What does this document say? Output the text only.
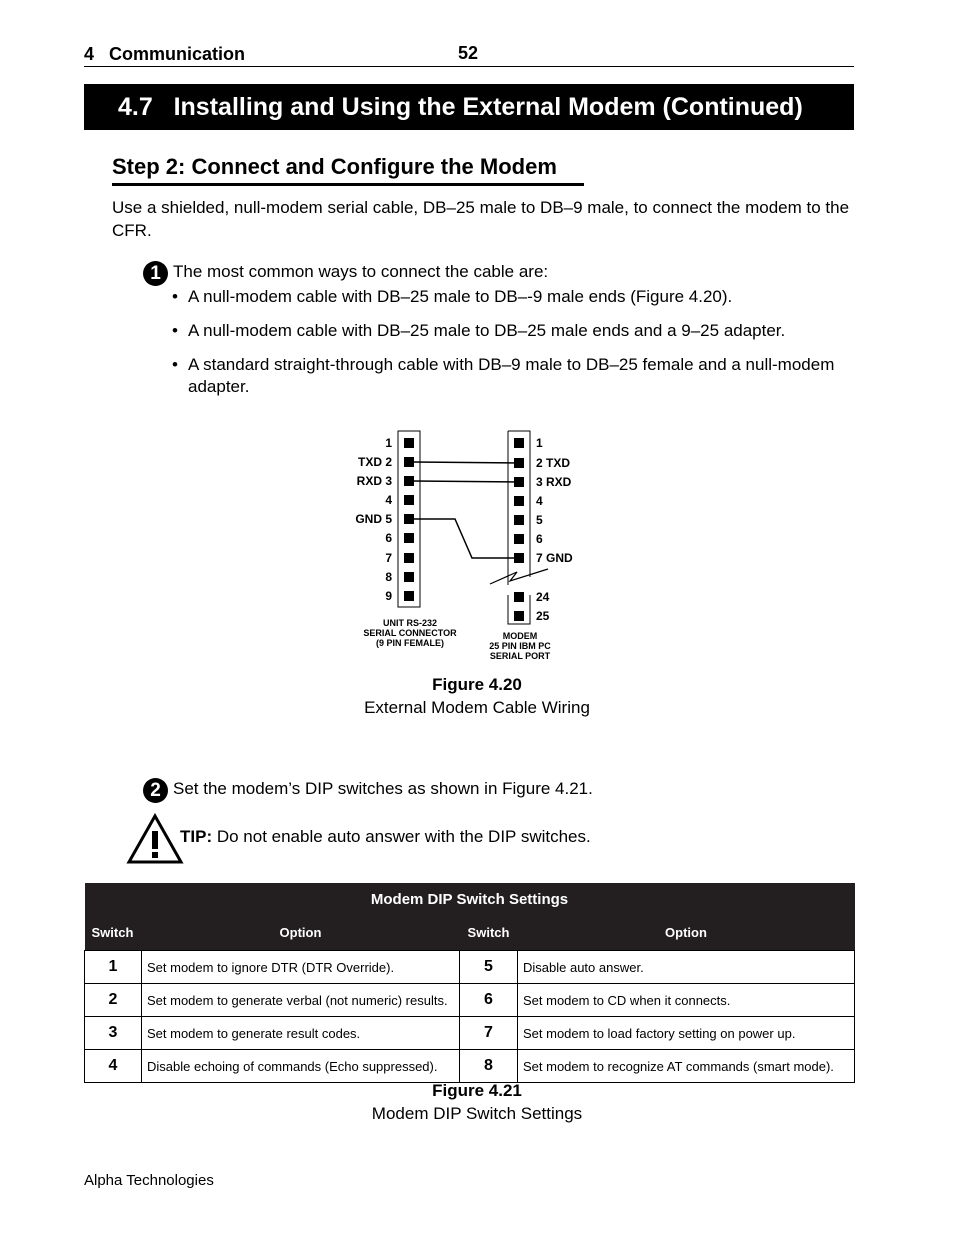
4   Communication	52
4.7   Installing and Using the External Modem (Continued)
Step 2: Connect and Configure the Modem
Use a shielded, null-modem serial cable, DB–25 male to DB–9 male, to connect the modem to the CFR.
1 The most common ways to connect the cable are:
• A null-modem cable with DB–25 male to DB–-9 male ends (Figure 4.20).
• A null-modem cable with DB–25 male to DB–25 male ends and a 9–25 adapter.
• A standard straight-through cable with DB–9 male to DB–25 female and a null-modem adapter.
1
TXD 2
RXD 3
4
GND 5
6
7
8
9
1
2 TXD
3 RXD
4
5
6
7 GND
24
25
UNIT RS-232
SERIAL CONNECTOR
(9 PIN FEMALE)
MODEM
25 PIN IBM PC
SERIAL PORT
Figure 4.20
External Modem Cable Wiring
2 Set the modem’s DIP switches as shown in Figure 4.21.
TIP: Do not enable auto answer with the DIP switches.
Modem DIP Switch Settings			
Switch	Option	Switch	Option
1	Set modem to ignore DTR (DTR Override).	5	Disable auto answer.
2	Set modem to generate verbal (not numeric) results.	6	Set modem to CD when it connects.
3	Set modem to generate result codes.	7	Set modem to load factory setting on power up.
4	Disable echoing of commands (Echo suppressed).	8	Set modem to recognize AT commands (smart mode).
Figure 4.21
Modem DIP Switch Settings
Alpha Technologies
